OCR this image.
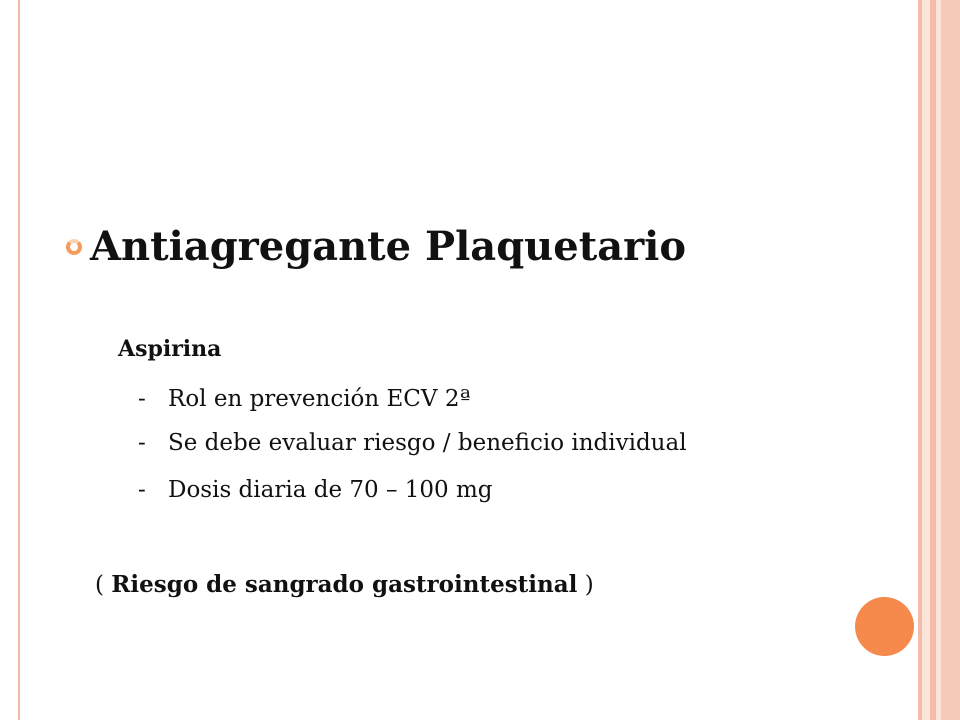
Antiagregante Plaquetario
Aspirina
- Rol en prevención ECV 2ª
- Se debe evaluar riesgo / beneficio individual
- Dosis diaria de 70 – 100 mg
( Riesgo de sangrado gastrointestinal )
